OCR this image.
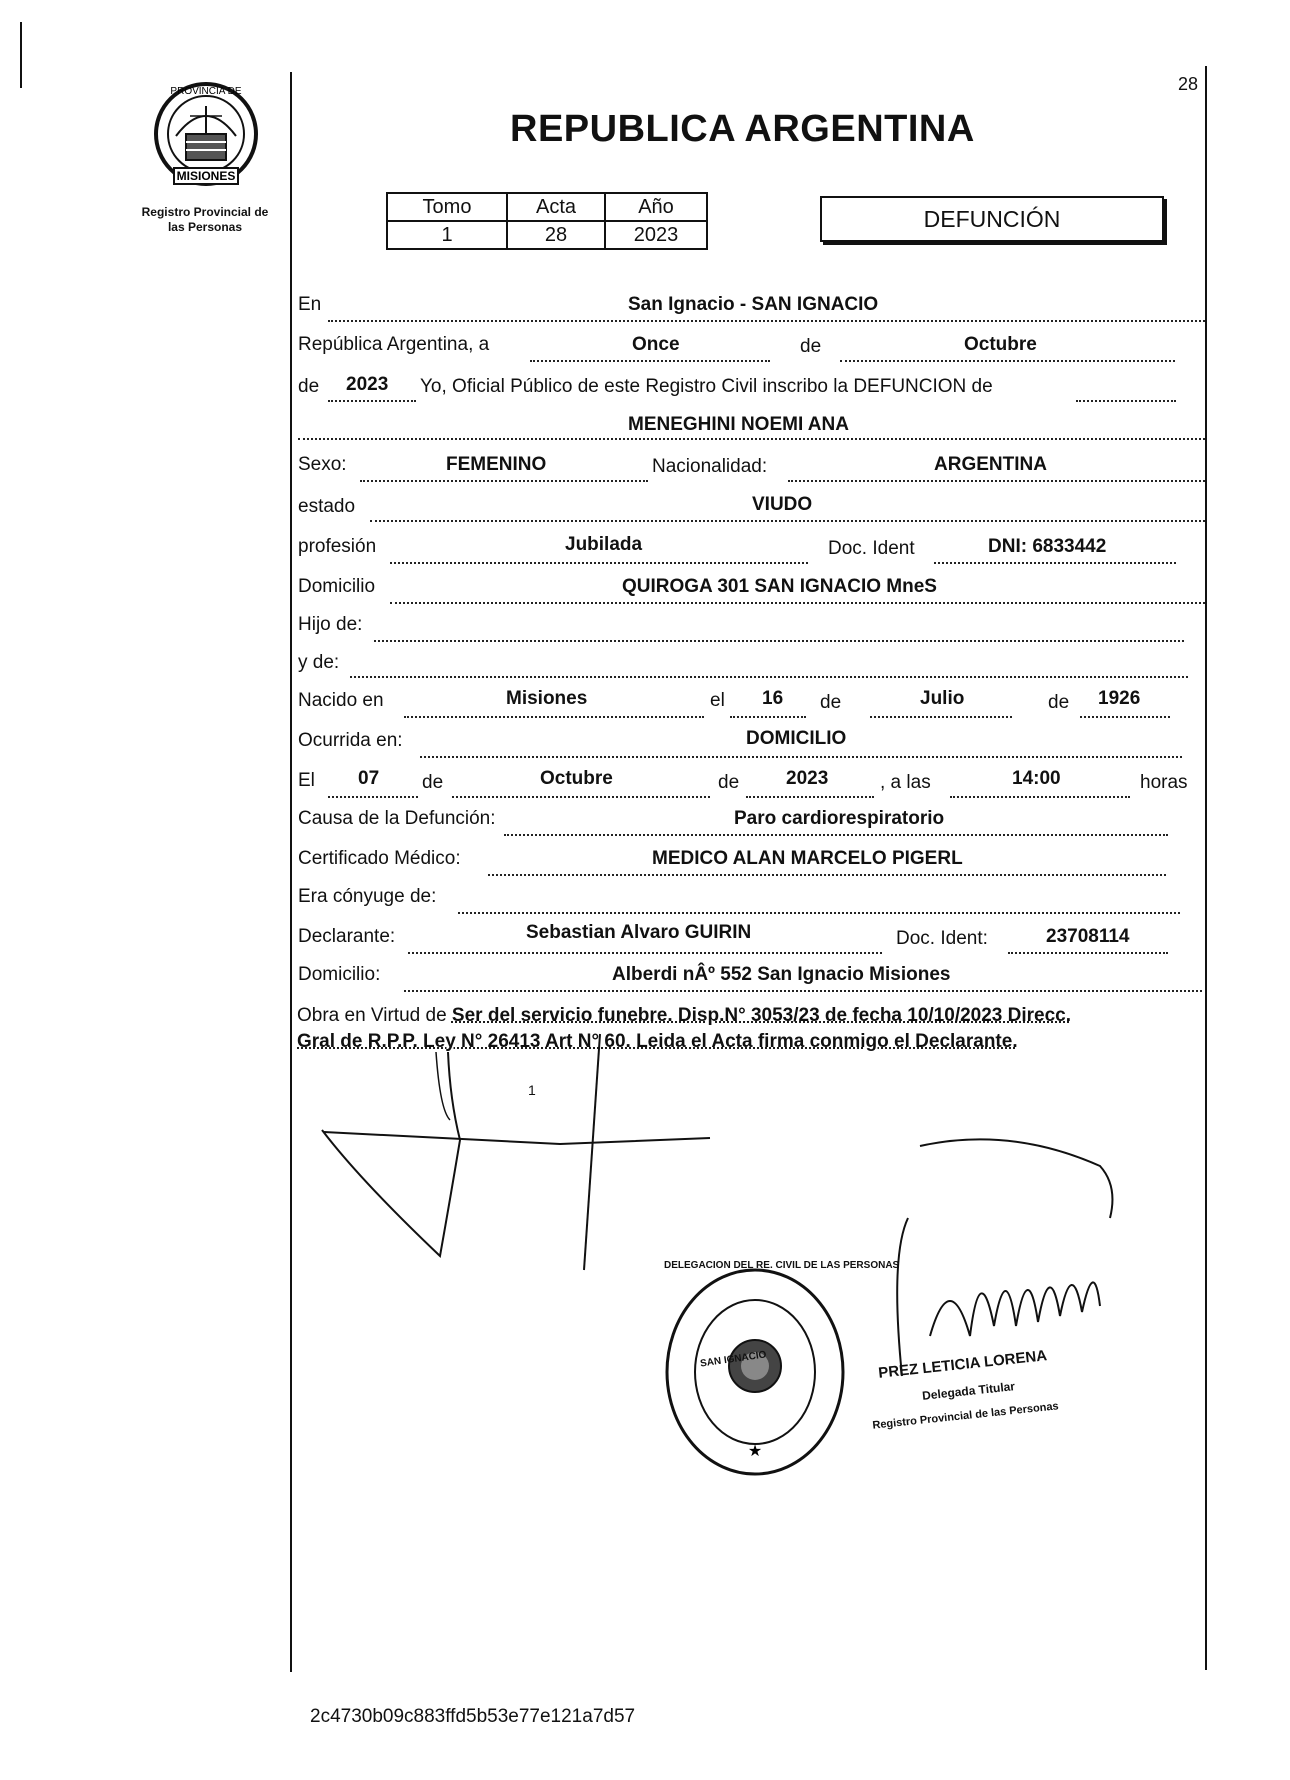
PROVINCIA DE
MISIONES
Registro Provincial de
las Personas
28
REPUBLICA ARGENTINA
Tomo	Acta	Año
1	28	2023
DEFUNCIÓN
En	San Ignacio - SAN IGNACIO
República Argentina, a	Once	de	Octubre
de 2023 Yo, Oficial Público de este Registro Civil inscribo la DEFUNCION de
MENEGHINI NOEMI ANA
Sexo:	FEMENINO	Nacionalidad:	ARGENTINA
estado	VIUDO
profesión	Jubilada	Doc. Ident	DNI: 6833442
Domicilio	QUIROGA 301 SAN IGNACIO MneS
Hijo de:
y de:
Nacido en	Misiones	el 16 de	Julio	de 1926
Ocurrida en:	DOMICILIO
El 07 de	Octubre	de 2023	, a las	14:00	horas
Causa de la Defunción:	Paro cardiorespiratorio
Certificado Médico:	MEDICO ALAN MARCELO PIGERL
Era cónyuge de:
Declarante:	Sebastian Alvaro GUIRIN	Doc. Ident:	23708114
Domicilio:	Alberdi nÂº 552 San Ignacio Misiones
Obra en Virtud de Ser del servicio funebre. Disp.N° 3053/23 de fecha 10/10/2023 Direcc.
Gral de R.P.P. Ley N° 26413 Art N° 60. Leida el Acta firma conmigo el Declarante.
1
★
SAN IGNACIO
DELEGACION DEL RE. CIVIL DE LAS PERSONAS
PREZ LETICIA LORENA
Delegada Titular
Registro Provincial de las Personas
2c4730b09c883ffd5b53e77e121a7d57
